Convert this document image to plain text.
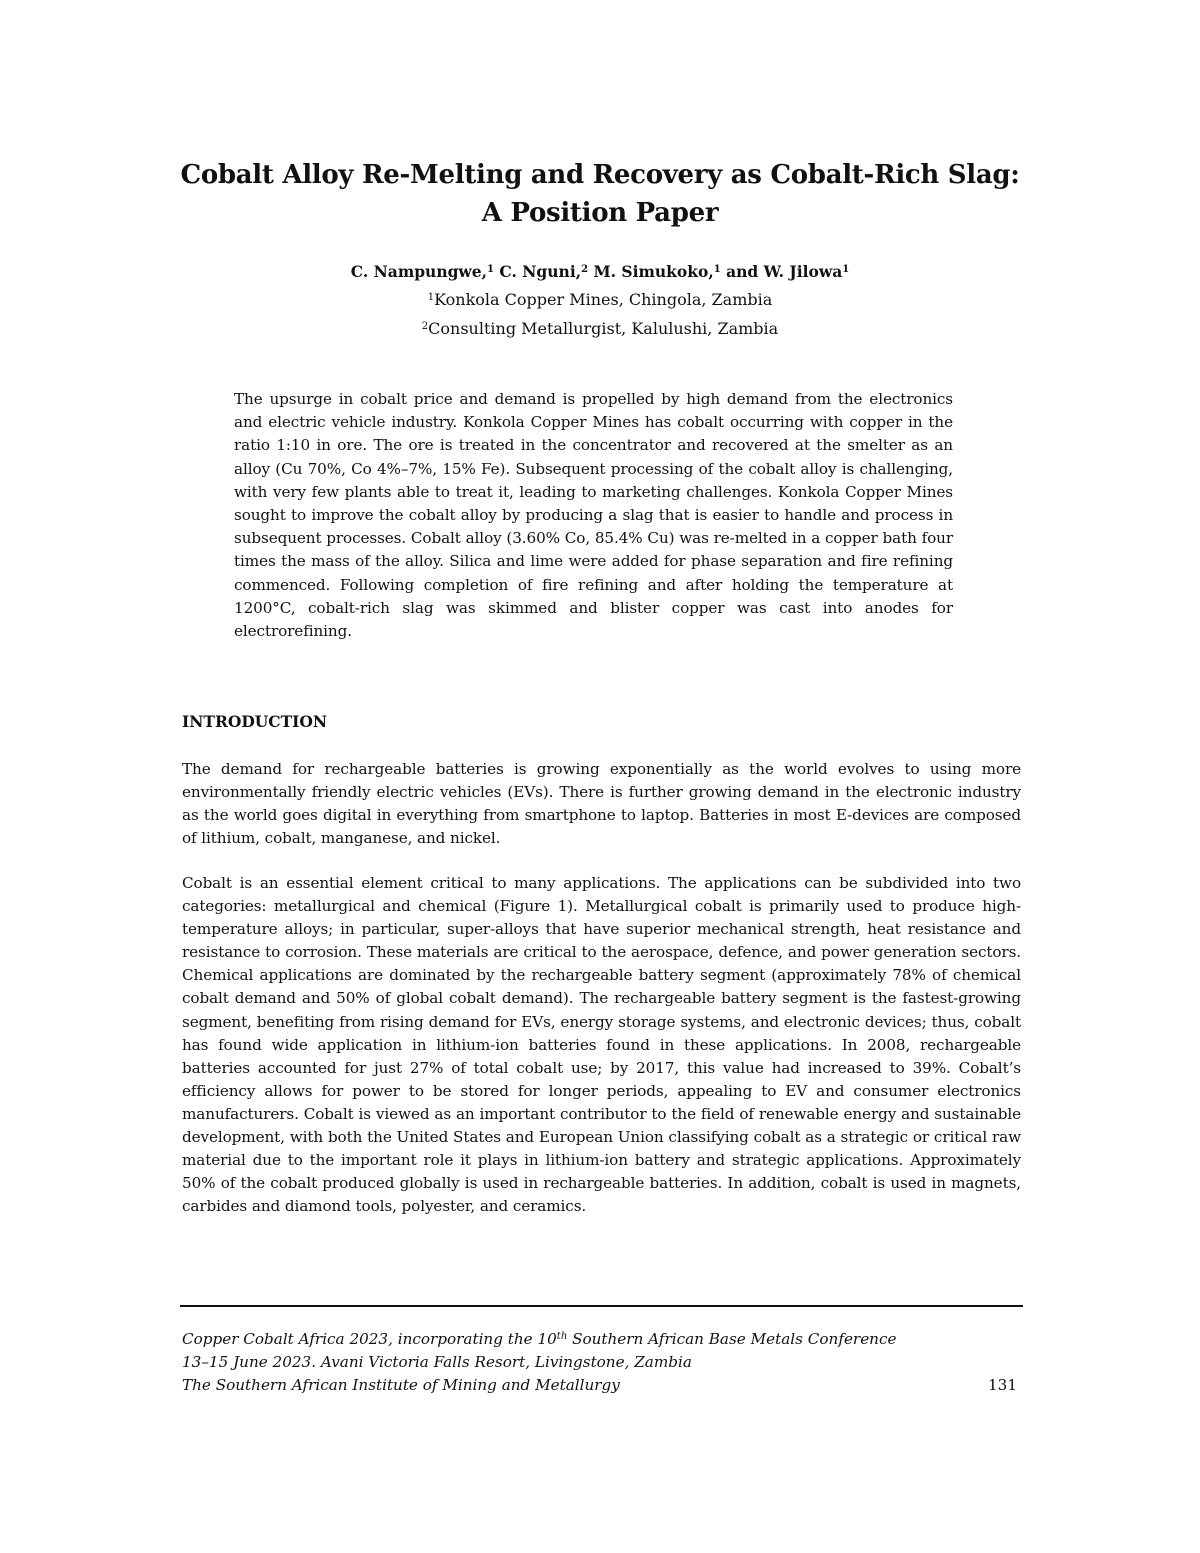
Cobalt Alloy Re-Melting and Recovery as Cobalt-Rich Slag:
A Position Paper
C. Nampungwe,$^1$ C. Nguni,$^2$ M. Simukoko,$^1$ and W. Jilowa$^1$
$^1$Konkola Copper Mines, Chingola, Zambia
$^2$Consulting Metallurgist, Kalulushi, Zambia

The upsurge in cobalt price and demand is propelled by high demand from the electronics and electric vehicle industry. Konkola Copper Mines has cobalt occurring with copper in the ratio 1:10 in ore. The ore is treated in the concentrator and recovered at the smelter as an alloy (Cu 70%, Co 4%–7%, 15% Fe). Subsequent processing of the cobalt alloy is challenging, with very few plants able to treat it, leading to marketing challenges. Konkola Copper Mines sought to improve the cobalt alloy by producing a slag that is easier to handle and process in subsequent processes. Cobalt alloy (3.60% Co, 85.4% Cu) was re-melted in a copper bath four times the mass of the alloy. Silica and lime were added for phase separation and fire refining commenced. Following completion of fire refining and after holding the temperature at 1200°C, cobalt-rich slag was skimmed and blister copper was cast into anodes for electrorefining.

INTRODUCTION

The demand for rechargeable batteries is growing exponentially as the world evolves to using more environmentally friendly electric vehicles (EVs). There is further growing demand in the electronic industry as the world goes digital in everything from smartphone to laptop. Batteries in most E-devices are composed of lithium, cobalt, manganese, and nickel.

Cobalt is an essential element critical to many applications. The applications can be subdivided into two categories: metallurgical and chemical (Figure 1). Metallurgical cobalt is primarily used to produce high-temperature alloys; in particular, super-alloys that have superior mechanical strength, heat resistance and resistance to corrosion. These materials are critical to the aerospace, defence, and power generation sectors. Chemical applications are dominated by the rechargeable battery segment (approximately 78% of chemical cobalt demand and 50% of global cobalt demand). The rechargeable battery segment is the fastest-growing segment, benefiting from rising demand for EVs, energy storage systems, and electronic devices; thus, cobalt has found wide application in lithium-ion batteries found in these applications. In 2008, rechargeable batteries accounted for just 27% of total cobalt use; by 2017, this value had increased to 39%. Cobalt’s efficiency allows for power to be stored for longer periods, appealing to EV and consumer electronics manufacturers. Cobalt is viewed as an important contributor to the field of renewable energy and sustainable development, with both the United States and European Union classifying cobalt as a strategic or critical raw material due to the important role it plays in lithium-ion battery and strategic applications. Approximately 50% of the cobalt produced globally is used in rechargeable batteries. In addition, cobalt is used in magnets, carbides and diamond tools, polyester, and ceramics.

Copper Cobalt Africa 2023, incorporating the 10th Southern African Base Metals Conference
13–15 June 2023. Avani Victoria Falls Resort, Livingstone, Zambia
The Southern African Institute of Mining and Metallurgy	131
